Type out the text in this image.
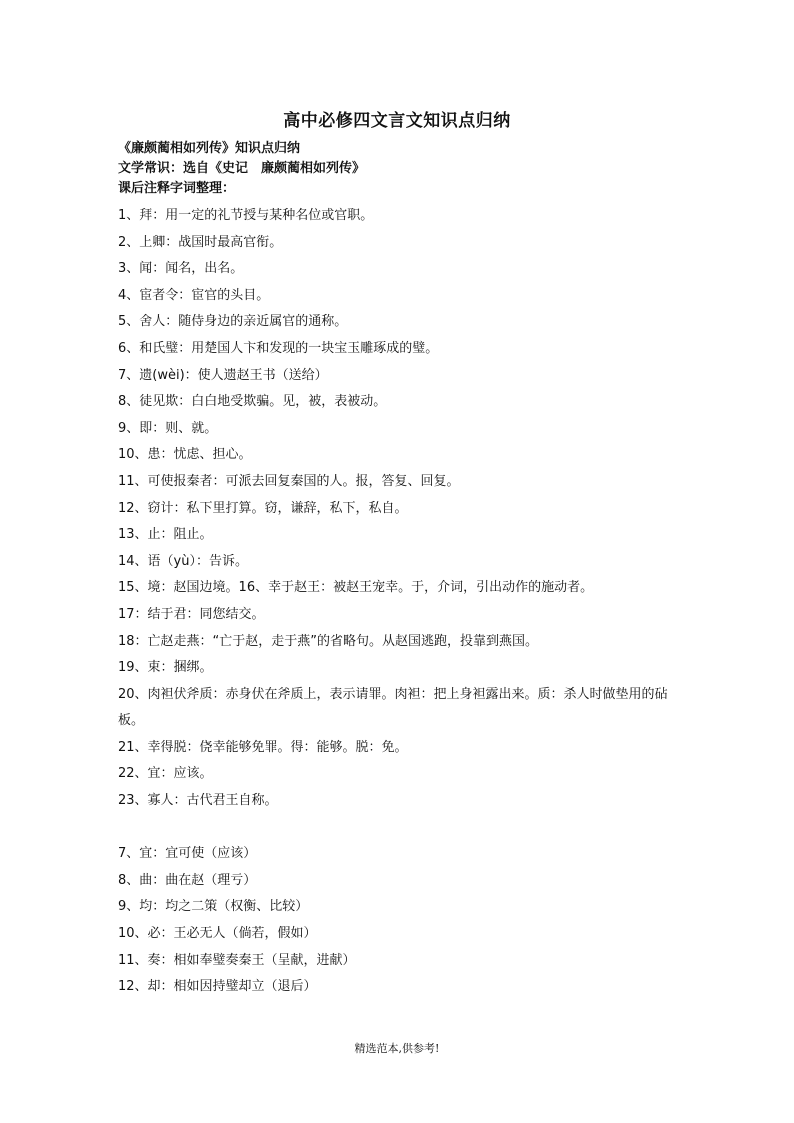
高中必修四文言文知识点归纳
《廉颇蔺相如列传》知识点归纳
文学常识：选自《史记　廉颇蔺相如列传》
课后注释字词整理：
1、拜：用一定的礼节授与某种名位或官职。
2、上卿：战国时最高官衔。
3、闻：闻名，出名。
4、宦者令：宦官的头目。
5、舍人：随侍身边的亲近属官的通称。
6、和氏璧：用楚国人卞和发现的一块宝玉雕琢成的璧。
7、遗(wèi)：使人遗赵王书（送给）
8、徒见欺：白白地受欺骗。见，被，表被动。
9、即：则、就。
10、患：忧虑、担心。
11、可使报秦者：可派去回复秦国的人。报，答复、回复。
12、窃计：私下里打算。窃，谦辞，私下，私自。
13、止：阻止。
14、语（yù）：告诉。
15、境：赵国边境。16、幸于赵王：被赵王宠幸。于，介词，引出动作的施动者。
17：结于君：同您结交。
18：亡赵走燕：“亡于赵，走于燕”的省略句。从赵国逃跑，投靠到燕国。
19、束：捆绑。
20、肉袒伏斧质：赤身伏在斧质上，表示请罪。肉袒：把上身袒露出来。质：杀人时做垫用的砧板。
21、幸得脱：侥幸能够免罪。得：能够。脱：免。
22、宜：应该。
23、寡人：古代君王自称。
7、宜：宜可使（应该）
8、曲：曲在赵（理亏）
9、均：均之二策（权衡、比较）
10、必：王必无人（倘若，假如）
11、奏：相如奉璧奏秦王（呈献，进献）
12、却：相如因持璧却立（退后）
精选范本,供参考!
